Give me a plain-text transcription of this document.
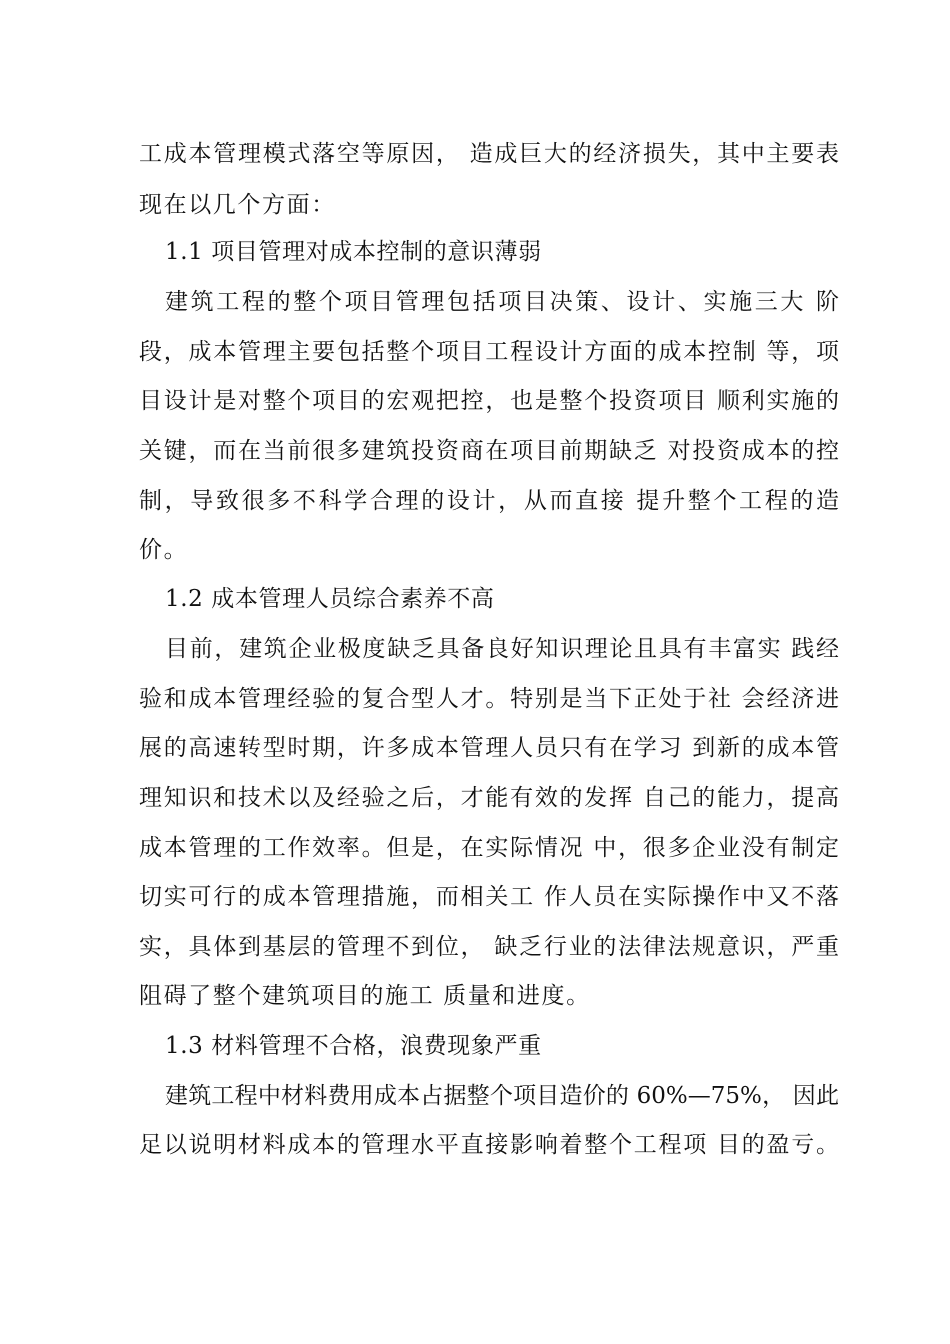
工成本管理模式落空等原因， 造成巨大的经济损失，其中主要表
现在以几个方面：
1.1 项目管理对成本控制的意识薄弱
建筑工程的整个项目管理包括项目决策、设计、实施三大 阶
段，成本管理主要包括整个项目工程设计方面的成本控制 等，项
目设计是对整个项目的宏观把控，也是整个投资项目 顺利实施的
关键，而在当前很多建筑投资商在项目前期缺乏 对投资成本的控
制，导致很多不科学合理的设计，从而直接 提升整个工程的造
价。
1.2 成本管理人员综合素养不高
目前，建筑企业极度缺乏具备良好知识理论且具有丰富实 践经
验和成本管理经验的复合型人才。特别是当下正处于社 会经济进
展的高速转型时期，许多成本管理人员只有在学习 到新的成本管
理知识和技术以及经验之后，才能有效的发挥 自己的能力，提高
成本管理的工作效率。但是，在实际情况 中，很多企业没有制定
切实可行的成本管理措施，而相关工 作人员在实际操作中又不落
实，具体到基层的管理不到位， 缺乏行业的法律法规意识，严重
阻碍了整个建筑项目的施工 质量和进度。
1.3 材料管理不合格，浪费现象严重
建筑工程中材料费用成本占据整个项目造价的 60%—75%， 因此
足以说明材料成本的管理水平直接影响着整个工程项 目的盈亏。
